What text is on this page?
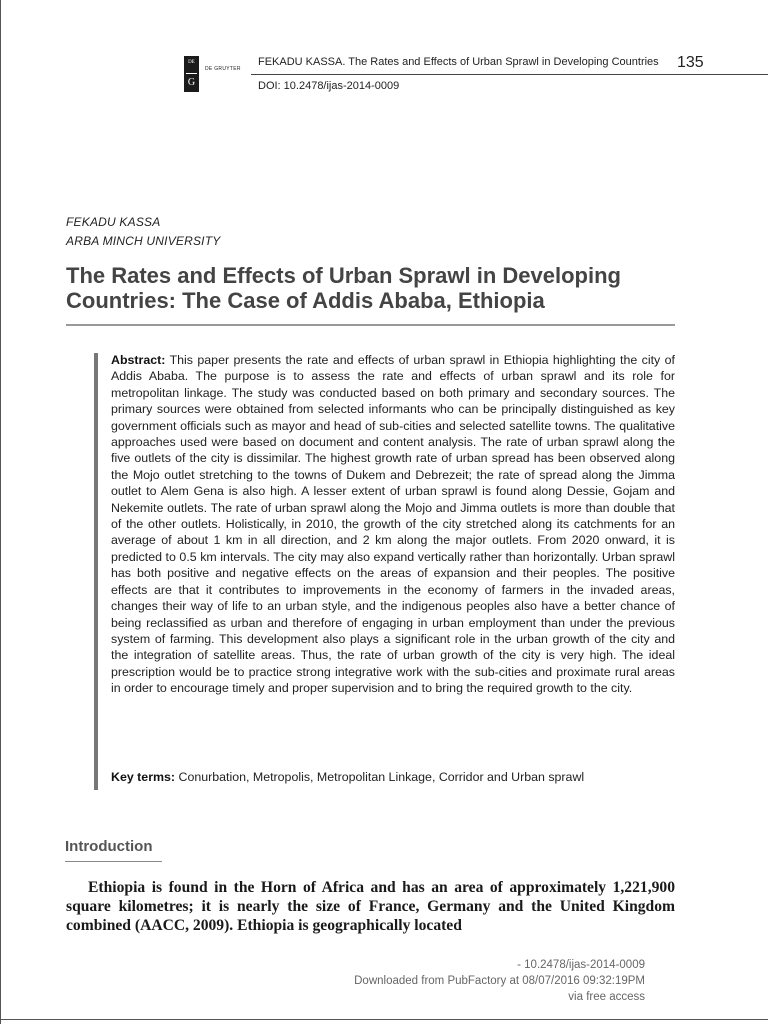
DE
G
DE GRUYTER
FEKADU KASSA. The Rates and Effects of Urban Sprawl in Developing Countries 135
DOI: 10.2478/ijas-2014-0009
FEKADU KASSA
ARBA MINCH UNIVERSITY
The Rates and Effects of Urban Sprawl in Developing Countries: The Case of Addis Ababa, Ethiopia
Abstract: This paper presents the rate and effects of urban sprawl in Ethiopia highlighting the city of Addis Ababa. The purpose is to assess the rate and effects of urban sprawl and its role for metropolitan linkage. The study was conducted based on both primary and secondary sources. The primary sources were obtained from selected informants who can be principally distinguished as key government officials such as mayor and head of sub-cities and selected satellite towns. The qualitative approaches used were based on document and content analysis. The rate of urban sprawl along the five outlets of the city is dissimilar. The highest growth rate of urban spread has been observed along the Mojo outlet stretching to the towns of Dukem and Debrezeit; the rate of spread along the Jimma outlet to Alem Gena is also high. A lesser extent of urban sprawl is found along Dessie, Gojam and Nekemite outlets. The rate of urban sprawl along the Mojo and Jimma outlets is more than double that of the other outlets. Holistically, in 2010, the growth of the city stretched along its catchments for an average of about 1 km in all direction, and 2 km along the major outlets. From 2020 onward, it is predicted to 0.5 km intervals. The city may also expand vertically rather than horizontally. Urban sprawl has both positive and negative effects on the areas of expansion and their peoples. The positive effects are that it contributes to improvements in the economy of farmers in the invaded areas, changes their way of life to an urban style, and the indigenous peoples also have a better chance of being reclassified as urban and therefore of engaging in urban employment than under the previous system of farming. This development also plays a significant role in the urban growth of the city and the integration of satellite areas. Thus, the rate of urban growth of the city is very high. The ideal prescription would be to practice strong integrative work with the sub-cities and proximate rural areas in order to encourage timely and proper supervision and to bring the required growth to the city.
Key terms: Conurbation, Metropolis, Metropolitan Linkage, Corridor and Urban sprawl
Introduction
Ethiopia is found in the Horn of Africa and has an area of approximately 1,221,900 square kilometres; it is nearly the size of France, Germany and the United Kingdom combined (AACC, 2009). Ethiopia is geographically located
- 10.2478/ijas-2014-0009
Downloaded from PubFactory at 08/07/2016 09:32:19PM
via free access
